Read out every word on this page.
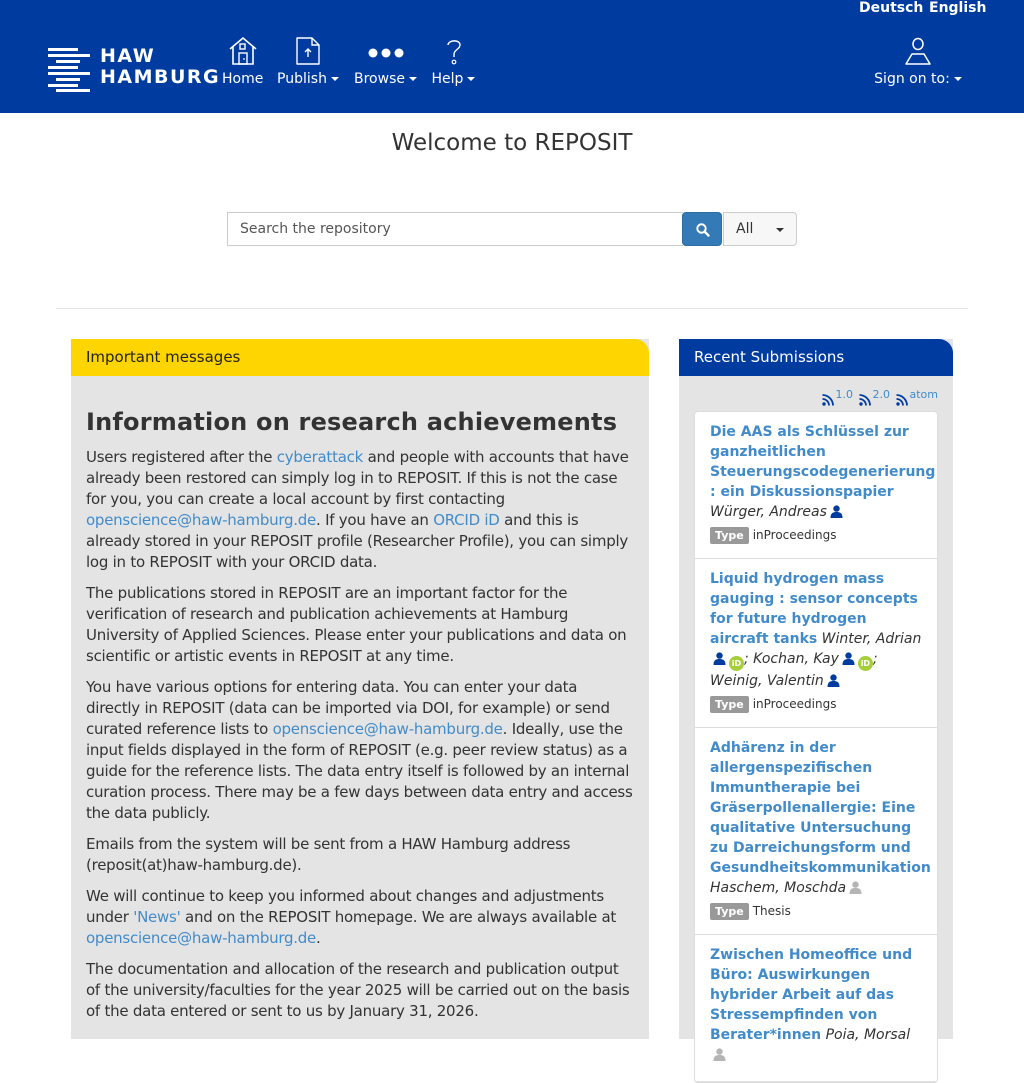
Deutsch English
HAW
HAMBURG Home Publish	Browse	Help	Sign on to:
Welcome to REPOSIT
Search the repository
All
Important messages
Information on research achievements

Users registered after the cyberattack and people with accounts that have already been restored can simply log in to REPOSIT. If this is not the case for you, you can create a local account by first contacting openscience@haw-hamburg.de. If you have an ORCID iD and this is already stored in your REPOSIT profile (Researcher Profile), you can simply log in to REPOSIT with your ORCID data.

The publications stored in REPOSIT are an important factor for the verification of research and publication achievements at Hamburg University of Applied Sciences. Please enter your publications and data on scientific or artistic events in REPOSIT at any time.

You have various options for entering data. You can enter your data directly in REPOSIT (data can be imported via DOI, for example) or send curated reference lists to openscience@haw-hamburg.de. Ideally, use the input fields displayed in the form of REPOSIT (e.g. peer review status) as a guide for the reference lists. The data entry itself is followed by an internal curation process. There may be a few days between data entry and access the data publicly.

Emails from the system will be sent from a HAW Hamburg address (reposit(at)haw-hamburg.de).

We will continue to keep you informed about changes and adjustments under 'News' and on the REPOSIT homepage. We are always available at openscience@haw-hamburg.de.

The documentation and allocation of the research and publication output of the university/faculties for the year 2025 will be carried out on the basis of the data entered or sent to us by January 31, 2026.

Recent Submissions
1.0 2.0 atom
Die AAS als Schlüssel zur ganzheitlichen Steuerungscodegenerierung : ein Diskussionspapier Würger, Andreas
Type inProceedings
Liquid hydrogen mass gauging : sensor concepts for future hydrogen aircraft tanks Winter, AdrianiD ; Kochan, Kay	iD ; Weinig, Valentin
Type inProceedings
Adhärenz in der allergenspezifischen Immuntherapie bei Gräserpollenallergie: Eine qualitative Untersuchung zu Darreichungsform und Gesundheitskommunikation Haschem, Moschda
Type Thesis
Zwischen Homeoffice und Büro: Auswirkungen hybrider Arbeit auf das Stressempfinden von Berater*innen Poia, Morsal
